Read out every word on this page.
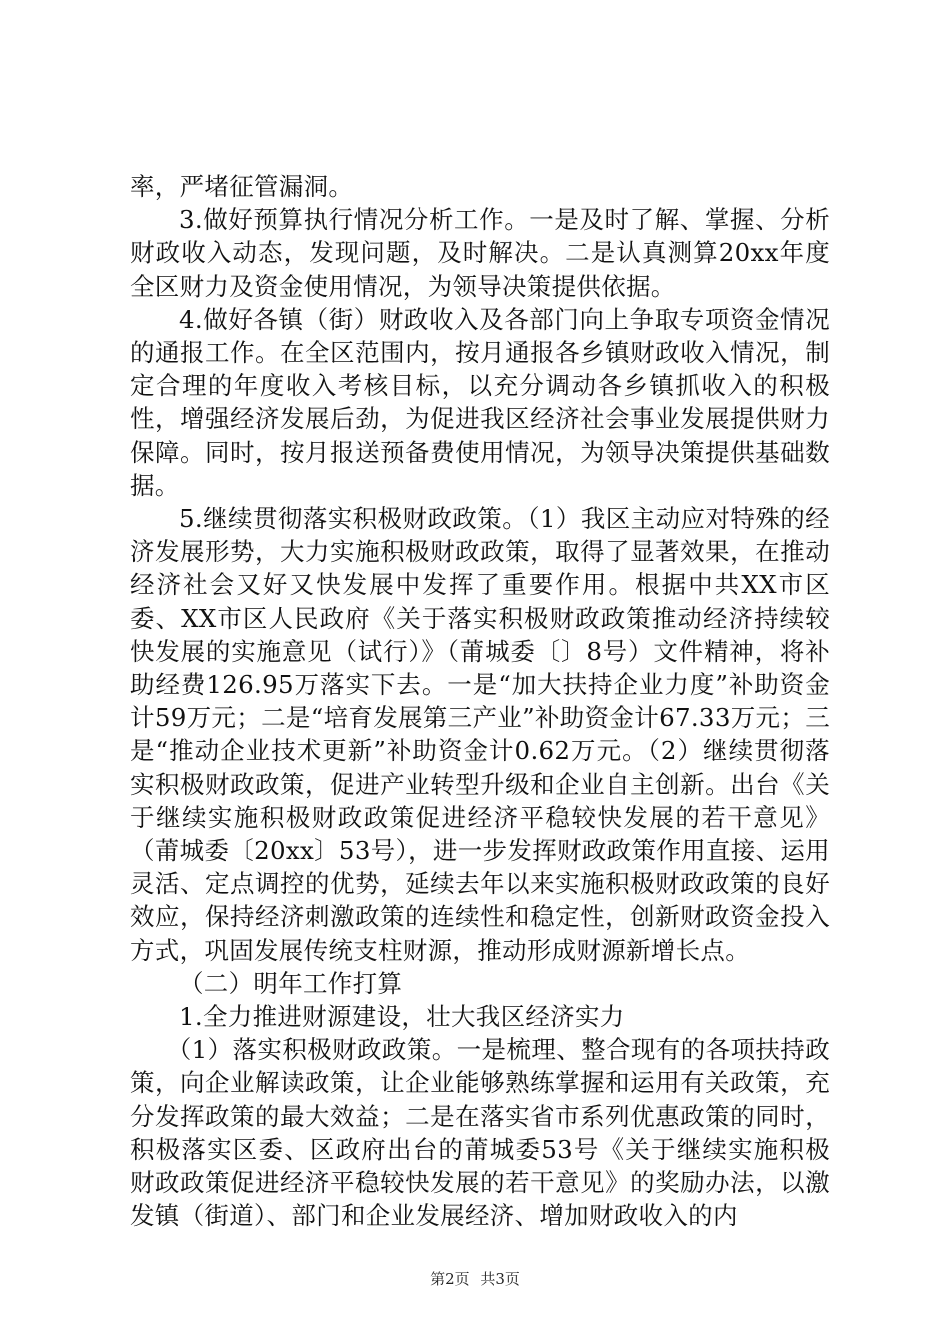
率，严堵征管漏洞。

3.做好预算执行情况分析工作。一是及时了解、掌握、分析财政收入动态，发现问题，及时解决。二是认真测算20xx年度全区财力及资金使用情况，为领导决策提供依据。

4.做好各镇（街）财政收入及各部门向上争取专项资金情况的通报工作。在全区范围内，按月通报各乡镇财政收入情况，制定合理的年度收入考核目标，以充分调动各乡镇抓收入的积极性，增强经济发展后劲，为促进我区经济社会事业发展提供财力保障。同时，按月报送预备费使用情况，为领导决策提供基础数据。

5.继续贯彻落实积极财政政策。（1）我区主动应对特殊的经济发展形势，大力实施积极财政政策，取得了显著效果，在推动经济社会又好又快发展中发挥了重要作用。根据中共XX市区委、XX市区人民政府《关于落实积极财政政策推动经济持续较快发展的实施意见（试行）》（莆城委〔〕8号）文件精神，将补助经费126.95万落实下去。一是“加大扶持企业力度”补助资金计59万元；二是“培育发展第三产业”补助资金计67.33万元；三是“推动企业技术更新”补助资金计0.62万元。（2）继续贯彻落实积极财政政策，促进产业转型升级和企业自主创新。出台《关于继续实施积极财政政策促进经济平稳较快发展的若干意见》（莆城委〔20xx〕53号），进一步发挥财政政策作用直接、运用灵活、定点调控的优势，延续去年以来实施积极财政政策的良好效应，保持经济刺激政策的连续性和稳定性，创新财政资金投入方式，巩固发展传统支柱财源，推动形成财源新增长点。

（二）明年工作打算

1.全力推进财源建设，壮大我区经济实力

（1）落实积极财政政策。一是梳理、整合现有的各项扶持政策，向企业解读政策，让企业能够熟练掌握和运用有关政策，充分发挥政策的最大效益；二是在落实省市系列优惠政策的同时，积极落实区委、区政府出台的莆城委53号《关于继续实施积极财政政策促进经济平稳较快发展的若干意见》的奖励办法，以激发镇（街道）、部门和企业发展经济、增加财政收入的内

第2页 共3页
